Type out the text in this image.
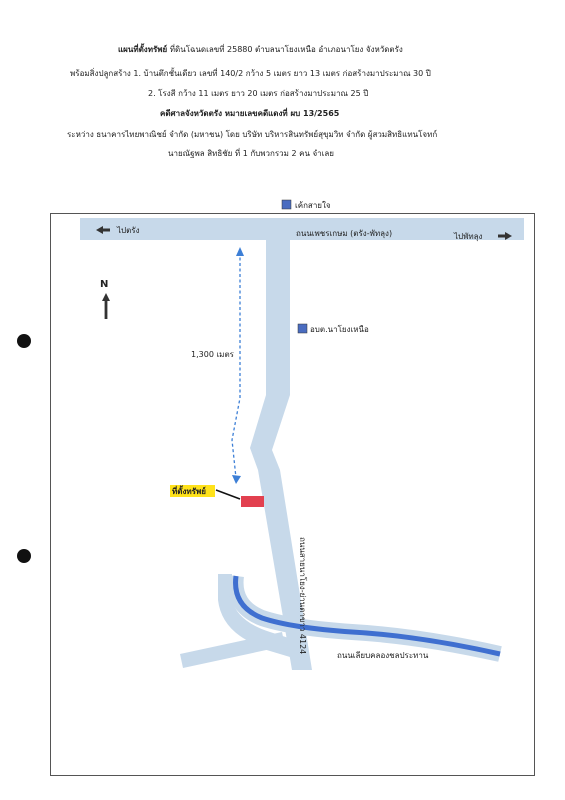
แผนที่ตั้งทรัพย์ ที่ดินโฉนดเลขที่ 25880 ตำบลนาโยงเหนือ อำเภอนาโยง จังหวัดตรัง
พร้อมสิ่งปลูกสร้าง 1. บ้านตึกชั้นเดียว เลขที่ 140/2 กว้าง 5 เมตร ยาว 13 เมตร ก่อสร้างมาประมาณ 30 ปี
2. โรงสี กว้าง 11 เมตร ยาว 20 เมตร ก่อสร้างมาประมาณ 25 ปี
คดีศาลจังหวัดตรัง หมายเลขคดีแดงที่ ผบ 13/2565
ระหว่าง ธนาคารไทยพาณิชย์ จำกัด (มหาชน) โดย บริษัท บริหารสินทรัพย์สุขุมวิท จำกัด ผู้สวมสิทธิแทนโจทก์
นายณัฐพล สิทธิชัย ที่ 1 กับพวกรวม 2 คน จำเลย
ไปตรัง
ไปพัทลุง
ถนนเพชรเกษม (ตรัง-พัทลุง)
เค้กสายใจ
อบต.นาโยงเหนือ
N
1,300 เมตร
ที่ตั้งทรัพย์
ถนนสายนาโยง-ย่านตาขาว 4124
ถนนเลียบคลองชลประทาน
